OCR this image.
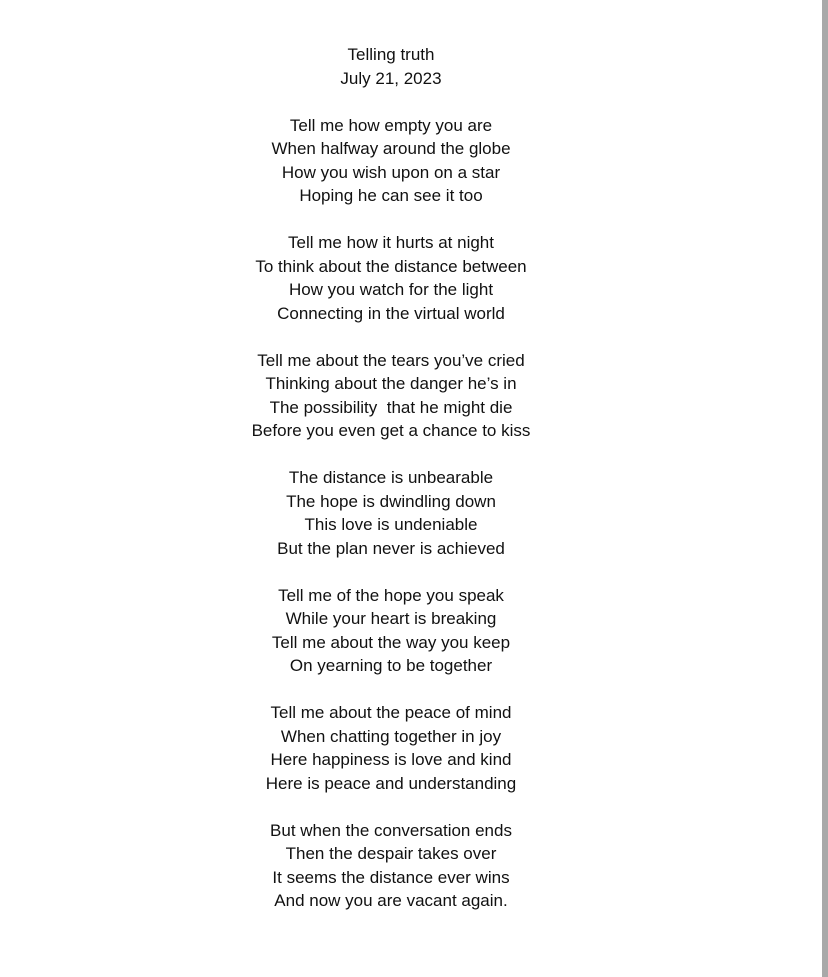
Telling truth
July 21, 2023
Tell me how empty you are
When halfway around the globe
How you wish upon on a star
Hoping he can see it too
Tell me how it hurts at night
To think about the distance between
How you watch for the light
Connecting in the virtual world
Tell me about the tears you’ve cried
Thinking about the danger he’s in
The possibility  that he might die
Before you even get a chance to kiss
The distance is unbearable
The hope is dwindling down
This love is undeniable
But the plan never is achieved
Tell me of the hope you speak
While your heart is breaking
Tell me about the way you keep
On yearning to be together
Tell me about the peace of mind
When chatting together in joy
Here happiness is love and kind
Here is peace and understanding
But when the conversation ends
Then the despair takes over
It seems the distance ever wins
And now you are vacant again.
